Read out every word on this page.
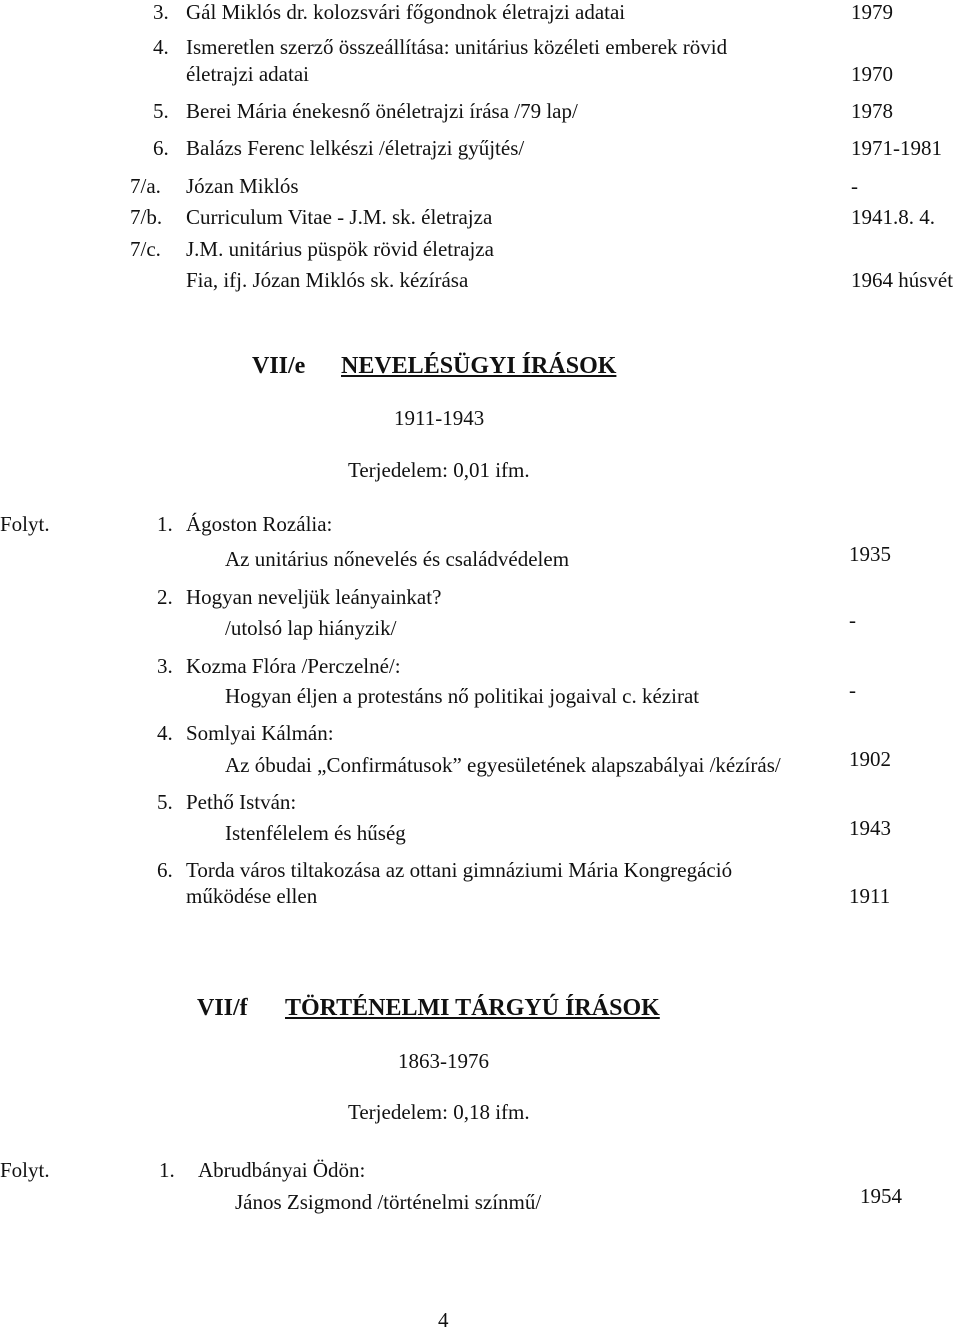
3. Gál Miklós dr. kolozsvári főgondnok életrajzi adatai	1979
4. Ismeretlen szerző összeállítása: unitárius közéleti emberek rövid
életrajzi adatai	1970
5. Berei Mária énekesnő önéletrajzi írása /79 lap/	1978
6. Balázs Ferenc lelkészi /életrajzi gyűjtés/	1971-1981
7/a. Józan Miklós	-
7/b. Curriculum Vitae - J.M. sk. életrajza	1941.8. 4.
7/c. J.M. unitárius püspök rövid életrajza
Fia, ifj. Józan Miklós sk. kézírása	1964 húsvét
VII/e NEVELÉSÜGYI ÍRÁSOK
1911-1943
Terjedelem: 0,01 ifm.
Folyt.	1. Ágoston Rozália:
Az unitárius nőnevelés és családvédelem	1935
2. Hogyan neveljük leányainkat?
/utolsó lap hiányzik/	-
3. Kozma Flóra /Perczelné/:
Hogyan éljen a protestáns nő politikai jogaival c. kézirat	-
4. Somlyai Kálmán:
Az óbudai „Confirmátusok” egyesületének alapszabályai /kézírás/	1902
5. Pethő István:
Istenfélelem és hűség	1943
6. Torda város tiltakozása az ottani gimnáziumi Mária Kongregáció
működése ellen	1911
VII/f TÖRTÉNELMI TÁRGYÚ ÍRÁSOK
1863-1976
Terjedelem: 0,18 ifm.
Folyt.	1. Abrudbányai Ödön:
János Zsigmond /történelmi színmű/	1954
4
